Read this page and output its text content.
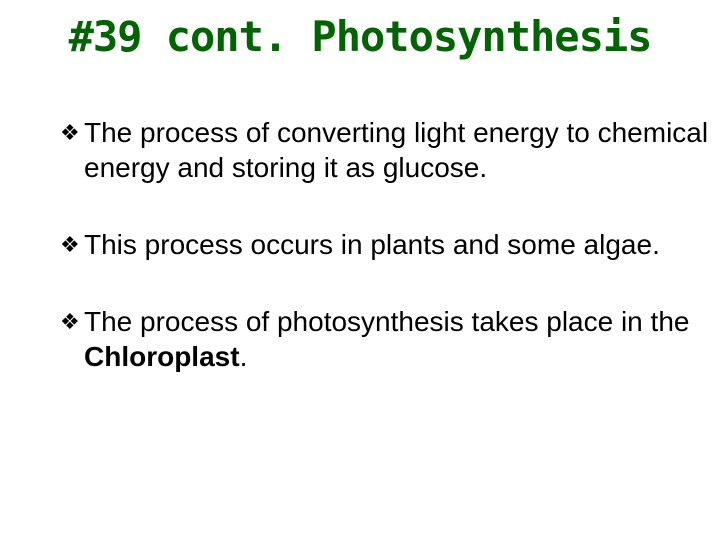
#39 cont. Photosynthesis
❖ The process of converting light energy to chemical energy and storing it as glucose.
❖ This process occurs in plants and some algae.
❖ The process of photosynthesis takes place in the Chloroplast.
